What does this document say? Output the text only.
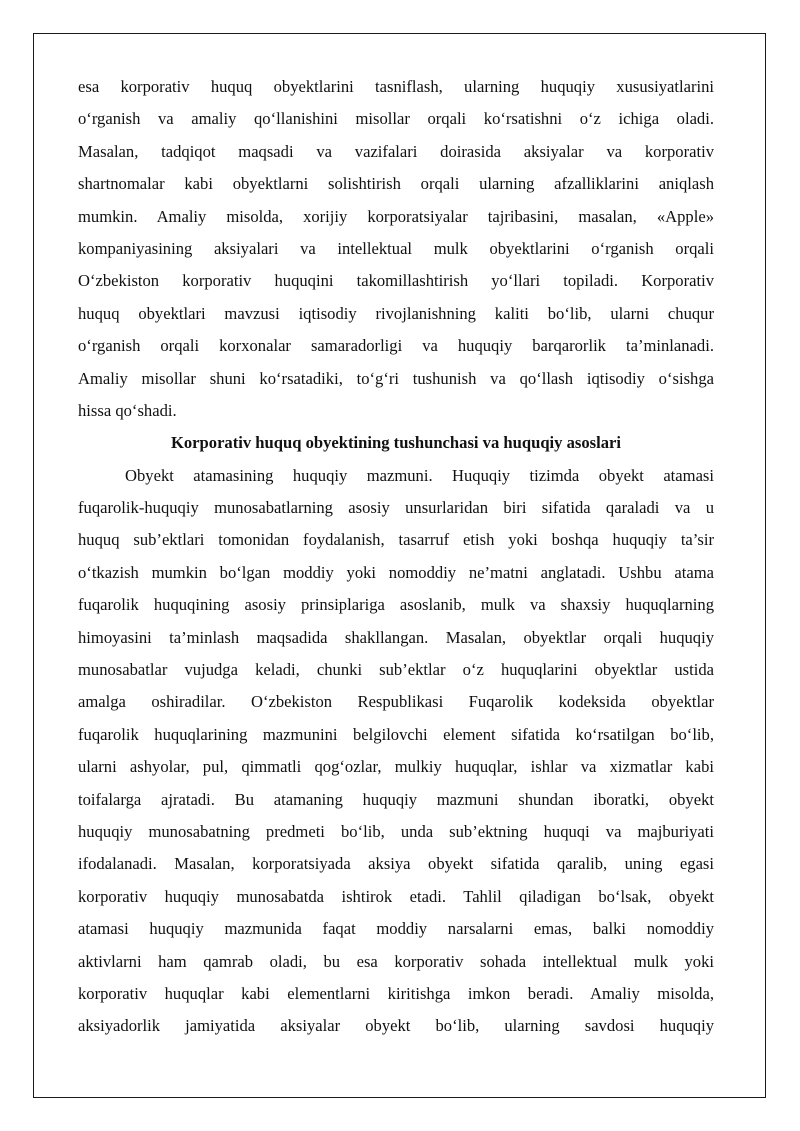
esa korporativ huquq obyektlarini tasniflash, ularning huquqiy xususiyatlarini
o‘rganish va amaliy qo‘llanishini misollar orqali ko‘rsatishni o‘z ichiga oladi.
Masalan, tadqiqot maqsadi va vazifalari doirasida aksiyalar va korporativ
shartnomalar kabi obyektlarni solishtirish orqali ularning afzalliklarini aniqlash
mumkin. Amaliy misolda, xorijiy korporatsiyalar tajribasini, masalan, «Apple»
kompaniyasining aksiyalari va intellektual mulk obyektlarini o‘rganish orqali
O‘zbekiston korporativ huquqini takomillashtirish yo‘llari topiladi. Korporativ
huquq obyektlari mavzusi iqtisodiy rivojlanishning kaliti bo‘lib, ularni chuqur
o‘rganish orqali korxonalar samaradorligi va huquqiy barqarorlik ta’minlanadi.
Amaliy misollar shuni ko‘rsatadiki, to‘g‘ri tushunish va qo‘llash iqtisodiy o‘sishga
hissa qo‘shadi.
Korporativ huquq obyektining tushunchasi va huquqiy asoslari
Obyekt atamasining huquqiy mazmuni. Huquqiy tizimda obyekt atamasi
fuqarolik-huquqiy munosabatlarning asosiy unsurlaridan biri sifatida qaraladi va u
huquq sub’ektlari tomonidan foydalanish, tasarruf etish yoki boshqa huquqiy ta’sir
o‘tkazish mumkin bo‘lgan moddiy yoki nomoddiy ne’matni anglatadi. Ushbu atama
fuqarolik huquqining asosiy prinsiplariga asoslanib, mulk va shaxsiy huquqlarning
himoyasini ta’minlash maqsadida shakllangan. Masalan, obyektlar orqali huquqiy
munosabatlar vujudga keladi, chunki sub’ektlar o‘z huquqlarini obyektlar ustida
amalga oshiradilar. O‘zbekiston Respublikasi Fuqarolik kodeksida obyektlar
fuqarolik huquqlarining mazmunini belgilovchi element sifatida ko‘rsatilgan bo‘lib,
ularni ashyolar, pul, qimmatli qog‘ozlar, mulkiy huquqlar, ishlar va xizmatlar kabi
toifalarga ajratadi. Bu atamaning huquqiy mazmuni shundan iboratki, obyekt
huquqiy munosabatning predmeti bo‘lib, unda sub’ektning huquqi va majburiyati
ifodalanadi. Masalan, korporatsiyada aksiya obyekt sifatida qaralib, uning egasi
korporativ huquqiy munosabatda ishtirok etadi. Tahlil qiladigan bo‘lsak, obyekt
atamasi huquqiy mazmunida faqat moddiy narsalarni emas, balki nomoddiy
aktivlarni ham qamrab oladi, bu esa korporativ sohada intellektual mulk yoki
korporativ huquqlar kabi elementlarni kiritishga imkon beradi. Amaliy misolda,
aksiyadorlik jamiyatida aksiyalar obyekt bo‘lib, ularning savdosi huquqiy
